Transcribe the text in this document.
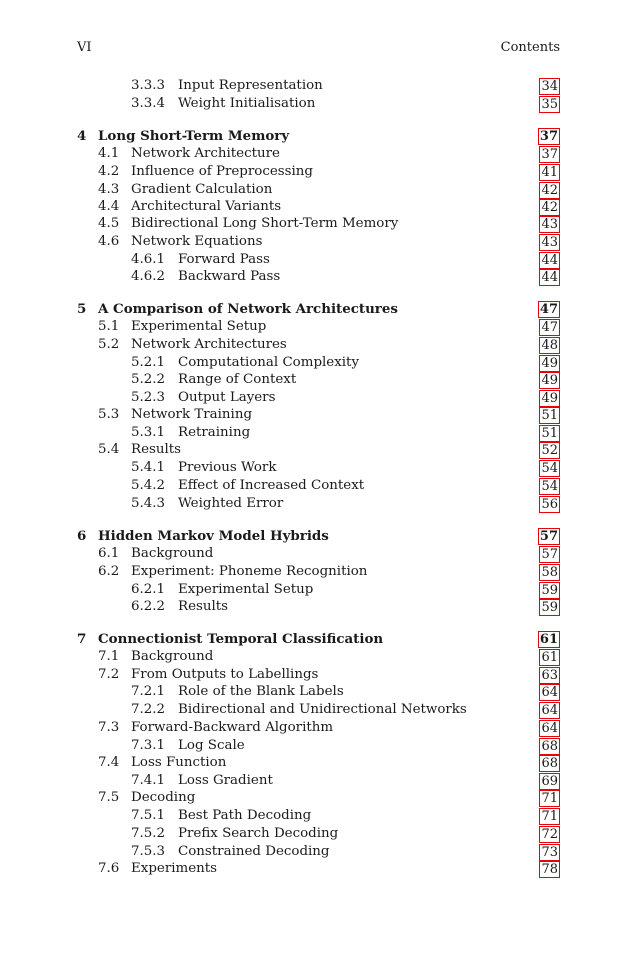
VI	Contents
3.3.3 Input Representation	34
3.3.4 Weight Initialisation	35
4 Long Short-Term Memory	37
4.1 Network Architecture	37
4.2 Influence of Preprocessing	41
4.3 Gradient Calculation	42
4.4 Architectural Variants	42
4.5 Bidirectional Long Short-Term Memory	43
4.6 Network Equations	43
4.6.1 Forward Pass	44
4.6.2 Backward Pass	44
5 A Comparison of Network Architectures	47
5.1 Experimental Setup	47
5.2 Network Architectures	48
5.2.1 Computational Complexity	49
5.2.2 Range of Context	49
5.2.3 Output Layers	49
5.3 Network Training	51
5.3.1 Retraining	51
5.4 Results	52
5.4.1 Previous Work	54
5.4.2 Effect of Increased Context	54
5.4.3 Weighted Error	56
6 Hidden Markov Model Hybrids	57
6.1 Background	57
6.2 Experiment: Phoneme Recognition	58
6.2.1 Experimental Setup	59
6.2.2 Results	59
7 Connectionist Temporal Classification	61
7.1 Background	61
7.2 From Outputs to Labellings	63
7.2.1 Role of the Blank Labels	64
7.2.2 Bidirectional and Unidirectional Networks	64
7.3 Forward-Backward Algorithm	64
7.3.1 Log Scale	68
7.4 Loss Function	68
7.4.1 Loss Gradient	69
7.5 Decoding	71
7.5.1 Best Path Decoding	71
7.5.2 Prefix Search Decoding	72
7.5.3 Constrained Decoding	73
7.6 Experiments	78
